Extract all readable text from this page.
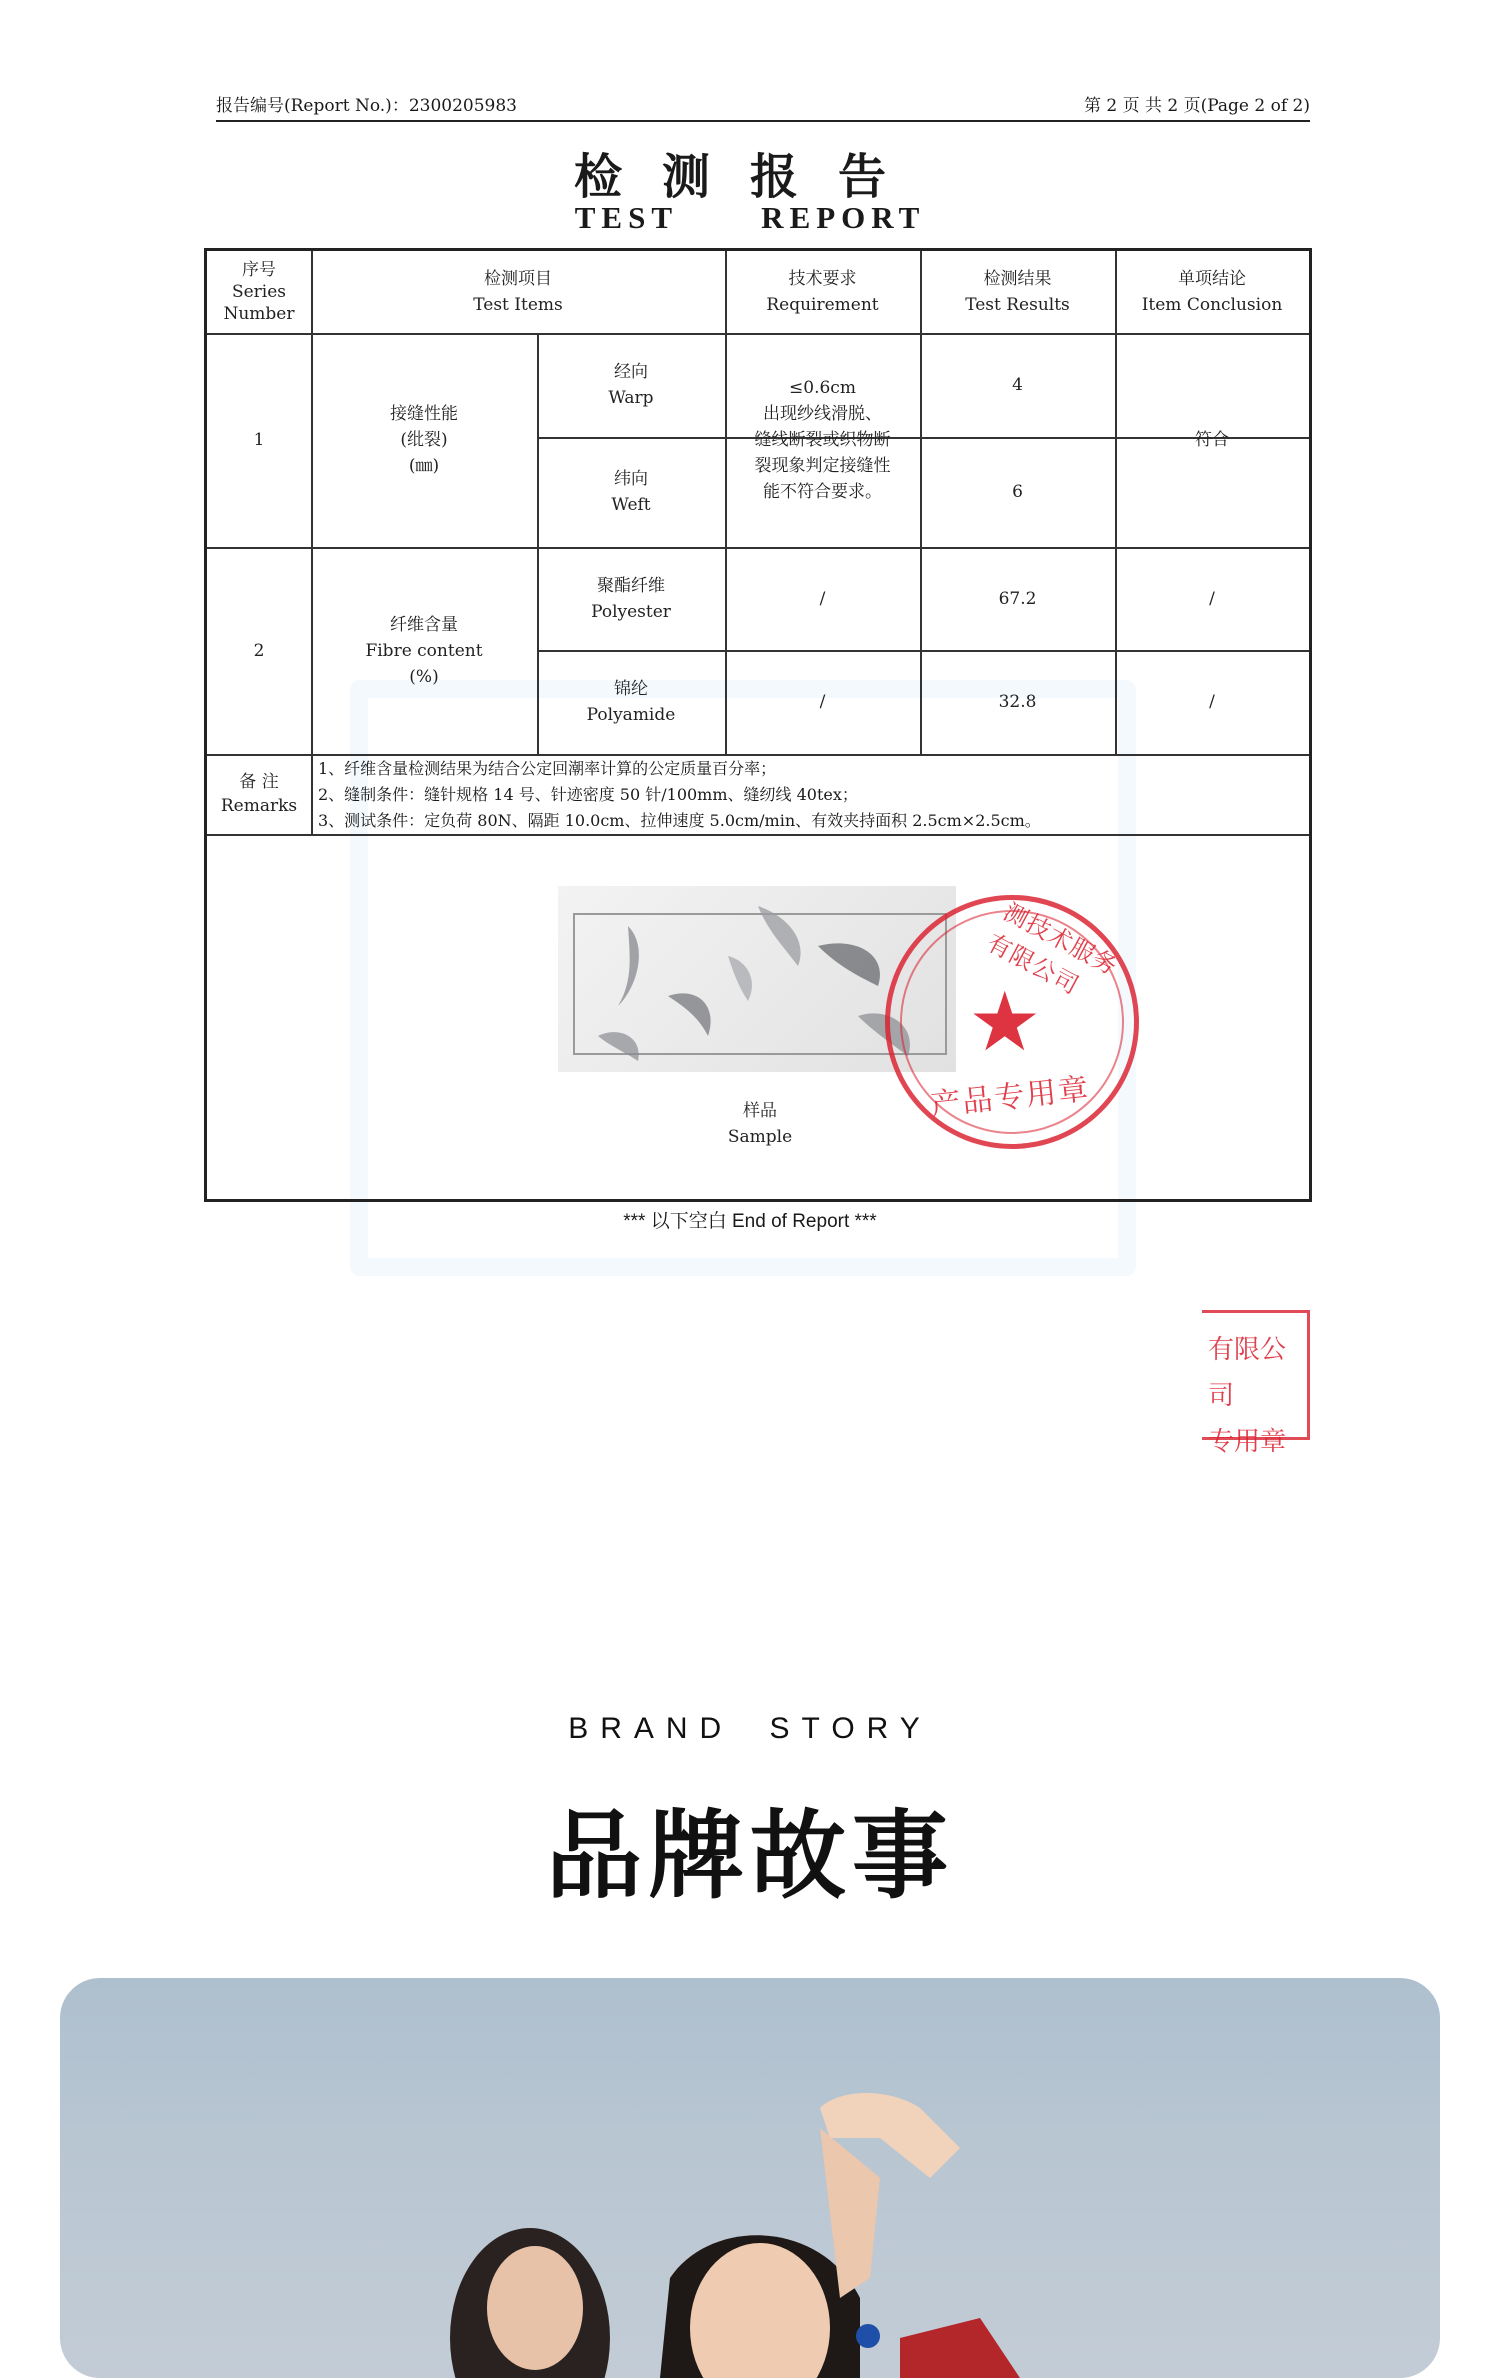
报告编号(Report No.)：2300205983	第 2 页 共 2 页(Page 2 of 2)
检测报告
TEST REPORT
序号
Series
Number
检测项目
Test Items
技术要求
Requirement
检测结果
Test Results
单项结论
Item Conclusion
1
接缝性能
(纰裂)
(㎜)
经向
Warp
纬向
Weft
≤0.6cm
出现纱线滑脱、
缝线断裂或织物断
裂现象判定接缝性
能不符合要求。
4
6
符合
2
纤维含量
Fibre content
(%)
聚酯纤维
Polyester
锦纶
Polyamide
/
/
67.2
32.8
/
/
备 注
Remarks
1、纤维含量检测结果为结合公定回潮率计算的公定质量百分率；
2、缝制条件：缝针规格 14 号、针迹密度 50 针/100mm、缝纫线 40tex；
3、测试条件：定负荷 80N、隔距 10.0cm、拉伸速度 5.0cm/min、有效夹持面积 2.5cm×2.5cm。
样品
Sample
测技术服务有限公司
★
产品专用章
*** 以下空白 End of Report ***
有限公司
专用章
BRAND STORY
品牌故事
